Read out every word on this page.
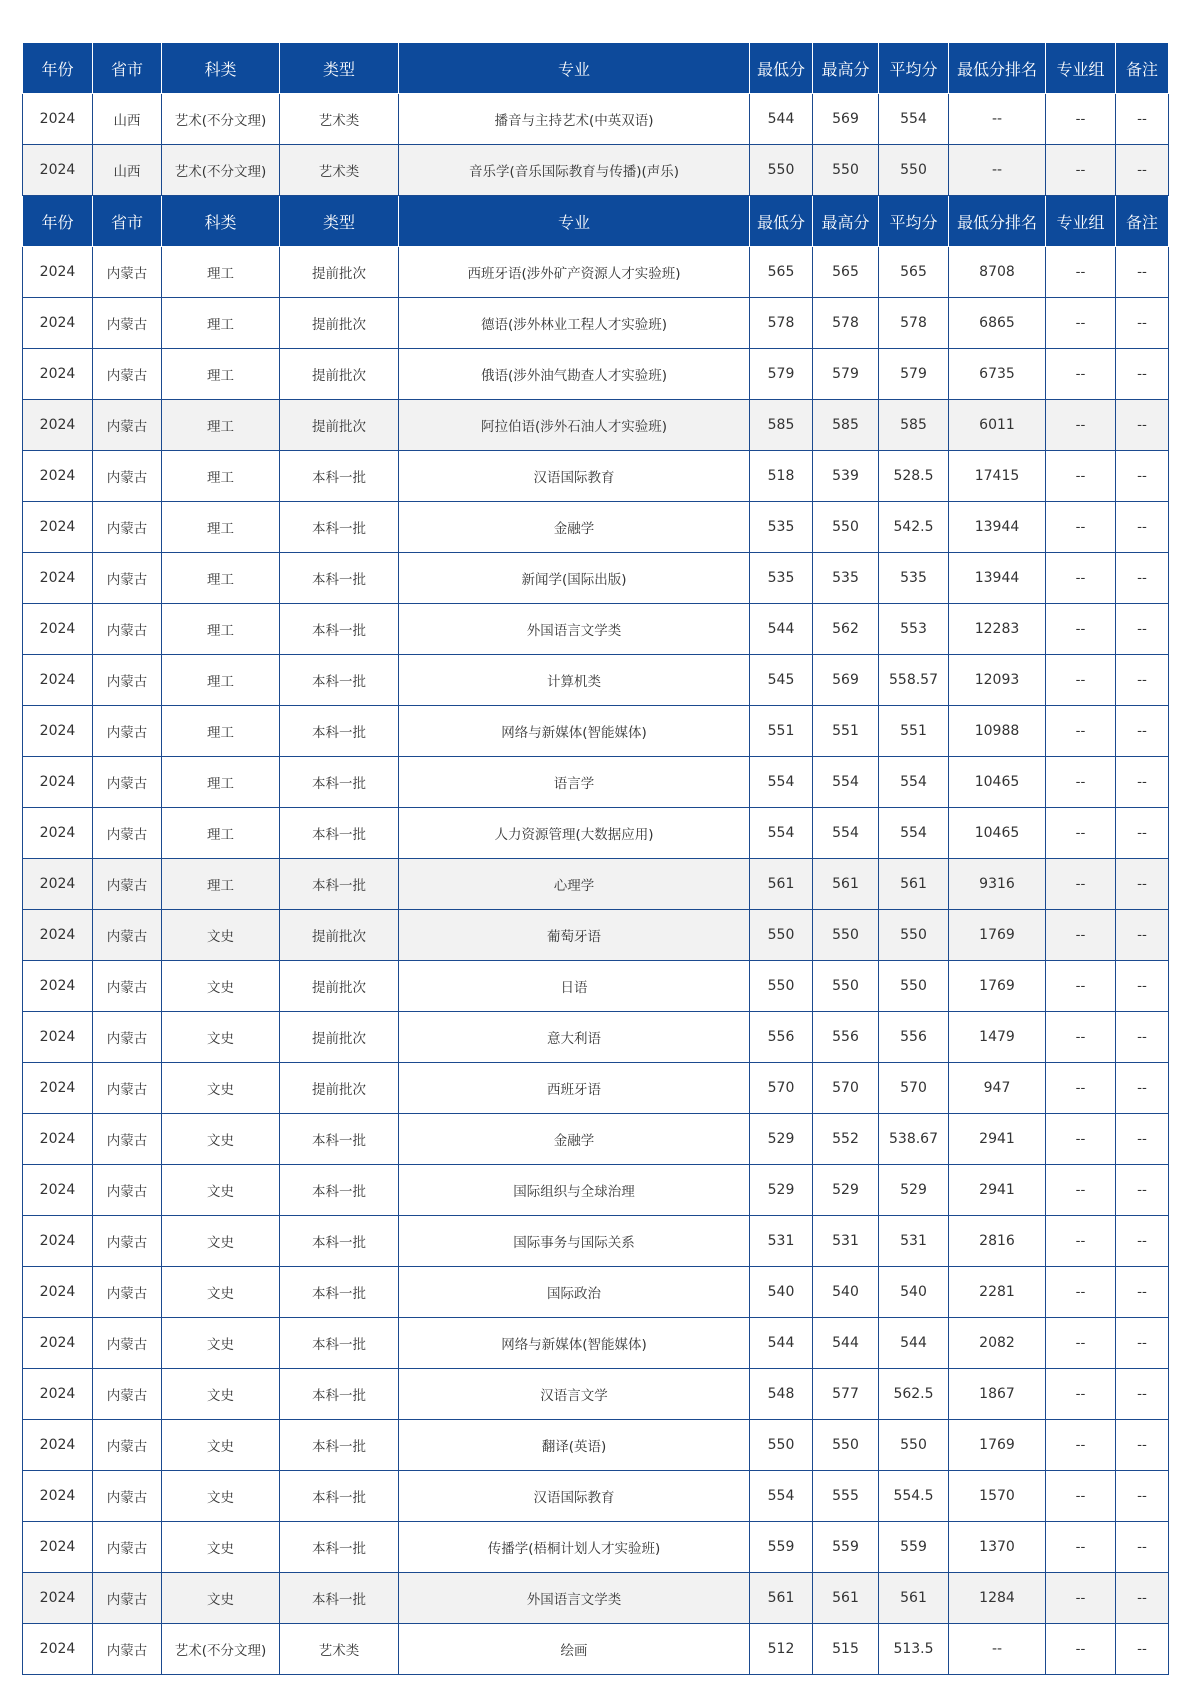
年份	省市	科类	类型	专业	最低分	最高分	平均分	最低分排名	专业组	备注
2024	山西	艺术(不分文理)	艺术类	播音与主持艺术(中英双语)	544	569	554	--	--	--
2024	山西	艺术(不分文理)	艺术类	音乐学(音乐国际教育与传播)(声乐)	550	550	550	--	--	--
年份	省市	科类	类型	专业	最低分	最高分	平均分	最低分排名	专业组	备注
2024	内蒙古	理工	提前批次	西班牙语(涉外矿产资源人才实验班)	565	565	565	8708	--	--
2024	内蒙古	理工	提前批次	德语(涉外林业工程人才实验班)	578	578	578	6865	--	--
2024	内蒙古	理工	提前批次	俄语(涉外油气勘查人才实验班)	579	579	579	6735	--	--
2024	内蒙古	理工	提前批次	阿拉伯语(涉外石油人才实验班)	585	585	585	6011	--	--
2024	内蒙古	理工	本科一批	汉语国际教育	518	539	528.5	17415	--	--
2024	内蒙古	理工	本科一批	金融学	535	550	542.5	13944	--	--
2024	内蒙古	理工	本科一批	新闻学(国际出版)	535	535	535	13944	--	--
2024	内蒙古	理工	本科一批	外国语言文学类	544	562	553	12283	--	--
2024	内蒙古	理工	本科一批	计算机类	545	569	558.57	12093	--	--
2024	内蒙古	理工	本科一批	网络与新媒体(智能媒体)	551	551	551	10988	--	--
2024	内蒙古	理工	本科一批	语言学	554	554	554	10465	--	--
2024	内蒙古	理工	本科一批	人力资源管理(大数据应用)	554	554	554	10465	--	--
2024	内蒙古	理工	本科一批	心理学	561	561	561	9316	--	--
2024	内蒙古	文史	提前批次	葡萄牙语	550	550	550	1769	--	--
2024	内蒙古	文史	提前批次	日语	550	550	550	1769	--	--
2024	内蒙古	文史	提前批次	意大利语	556	556	556	1479	--	--
2024	内蒙古	文史	提前批次	西班牙语	570	570	570	947	--	--
2024	内蒙古	文史	本科一批	金融学	529	552	538.67	2941	--	--
2024	内蒙古	文史	本科一批	国际组织与全球治理	529	529	529	2941	--	--
2024	内蒙古	文史	本科一批	国际事务与国际关系	531	531	531	2816	--	--
2024	内蒙古	文史	本科一批	国际政治	540	540	540	2281	--	--
2024	内蒙古	文史	本科一批	网络与新媒体(智能媒体)	544	544	544	2082	--	--
2024	内蒙古	文史	本科一批	汉语言文学	548	577	562.5	1867	--	--
2024	内蒙古	文史	本科一批	翻译(英语)	550	550	550	1769	--	--
2024	内蒙古	文史	本科一批	汉语国际教育	554	555	554.5	1570	--	--
2024	内蒙古	文史	本科一批	传播学(梧桐计划人才实验班)	559	559	559	1370	--	--
2024	内蒙古	文史	本科一批	外国语言文学类	561	561	561	1284	--	--
2024	内蒙古	艺术(不分文理)	艺术类	绘画	512	515	513.5	--	--	--
